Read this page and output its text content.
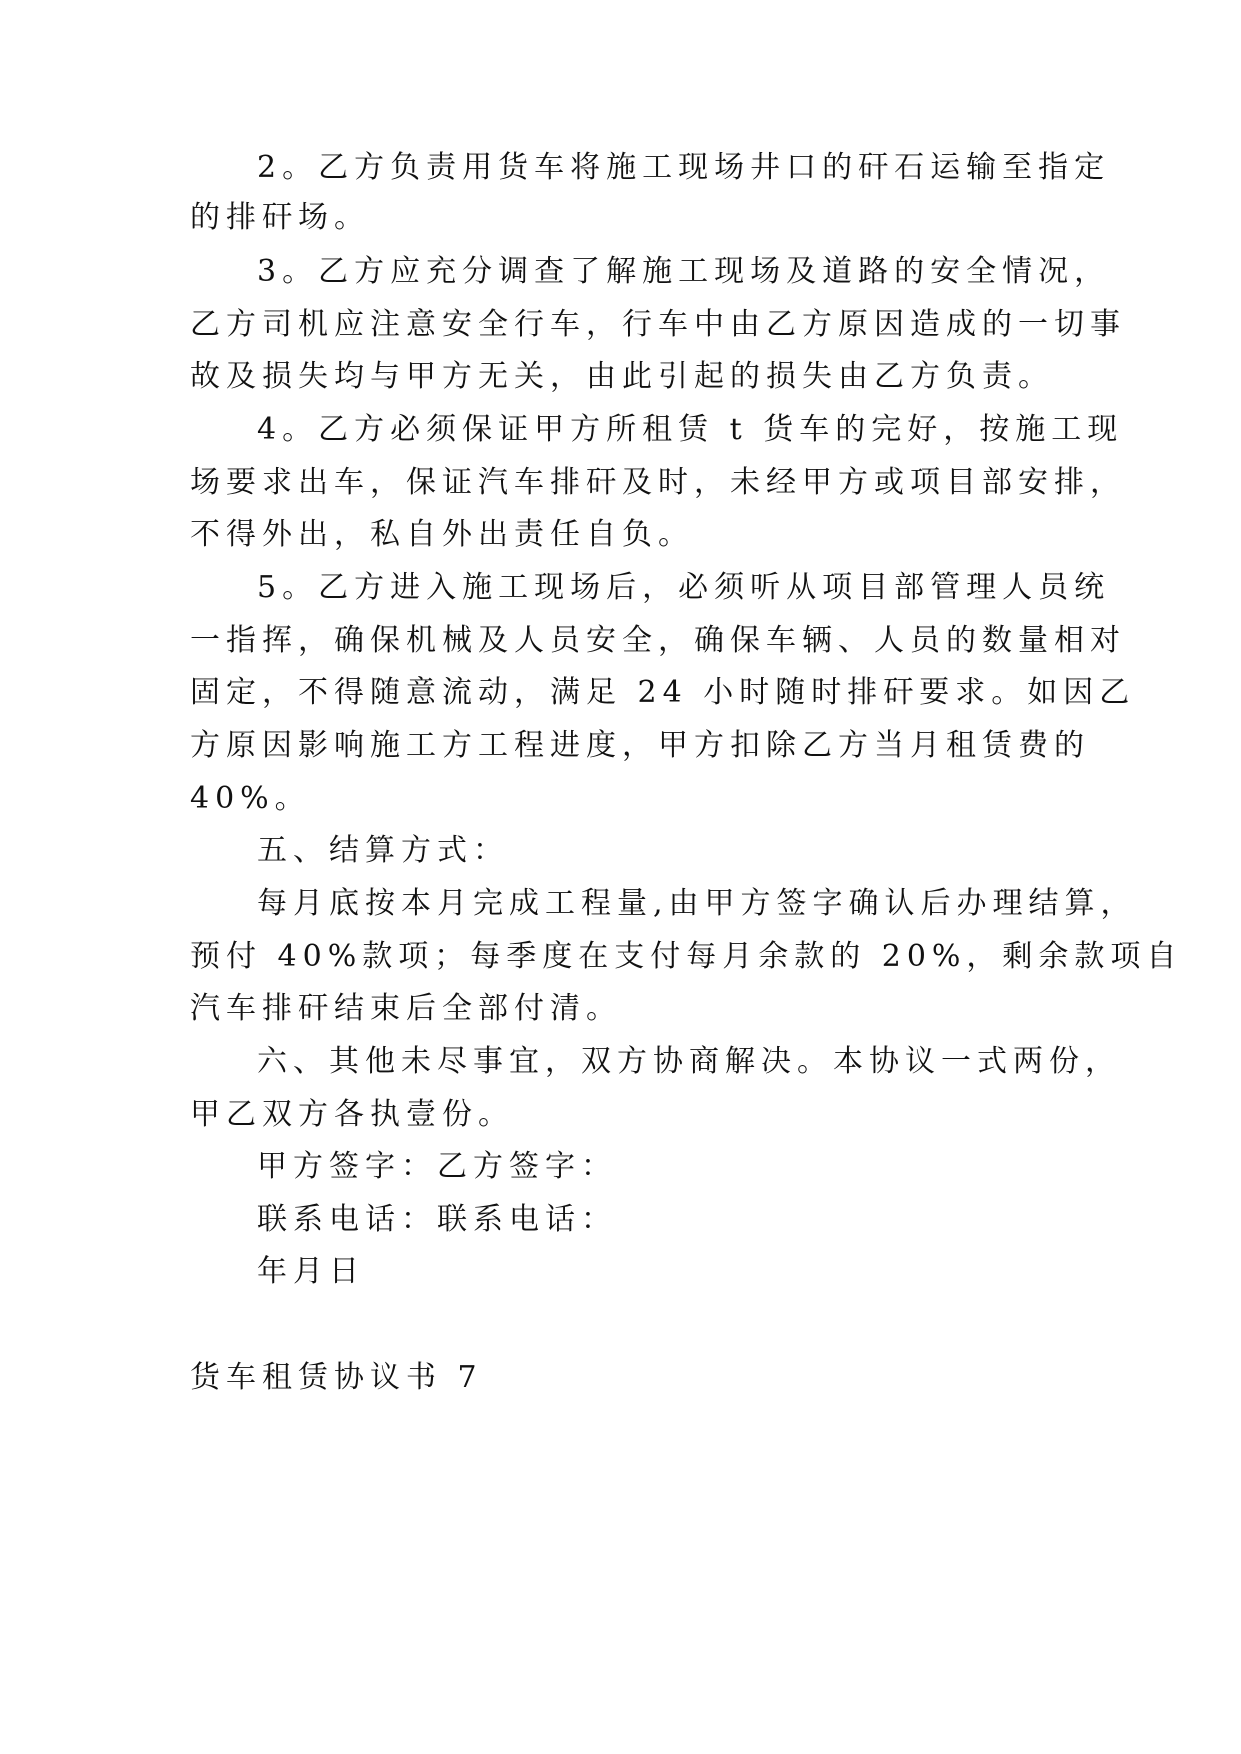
2。乙方负责用货车将施工现场井口的矸石运输至指定
的排矸场。
3。乙方应充分调查了解施工现场及道路的安全情况，
乙方司机应注意安全行车，行车中由乙方原因造成的一切事
故及损失均与甲方无关，由此引起的损失由乙方负责。
4。乙方必须保证甲方所租赁 t 货车的完好，按施工现
场要求出车，保证汽车排矸及时，未经甲方或项目部安排，
不得外出，私自外出责任自负。
5。乙方进入施工现场后，必须听从项目部管理人员统
一指挥，确保机械及人员安全，确保车辆、人员的数量相对
固定，不得随意流动，满足 24 小时随时排矸要求。如因乙
方原因影响施工方工程进度，甲方扣除乙方当月租赁费的
40%。
五、结算方式：
每月底按本月完成工程量,由甲方签字确认后办理结算，
预付 40%款项；每季度在支付每月余款的 20%，剩余款项自
汽车排矸结束后全部付清。
六、其他未尽事宜，双方协商解决。本协议一式两份，
甲乙双方各执壹份。
甲方签字：乙方签字：
联系电话：联系电话：
年月日
货车租赁协议书 7
